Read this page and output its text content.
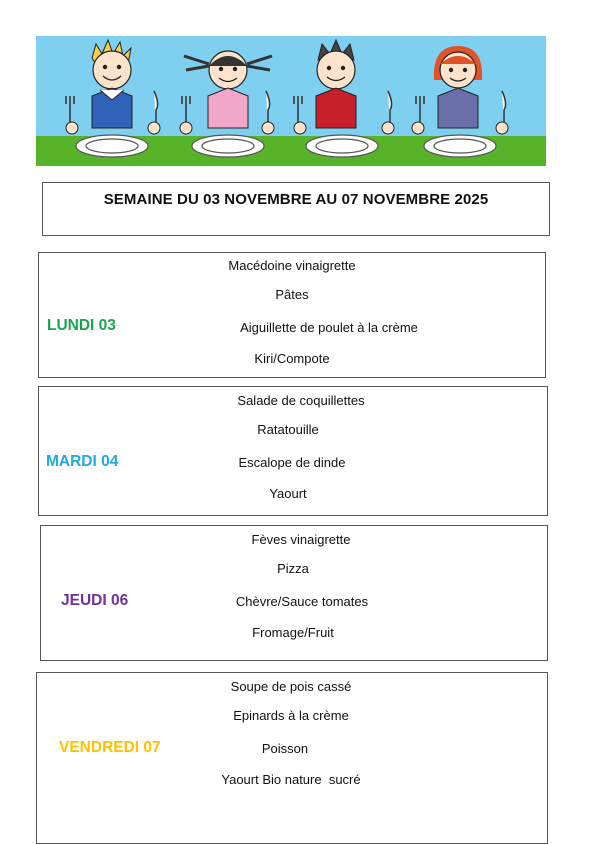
SEMAINE DU 03 NOVEMBRE AU 07 NOVEMBRE 2025
LUNDI 03
Macédoine vinaigrette
Pâtes
Aiguillette de poulet à la crème
Kiri/Compote
MARDI 04
Salade de coquillettes
Ratatouille
Escalope de dinde
Yaourt
JEUDI 06
Fèves vinaigrette
Pizza
Chèvre/Sauce tomates
Fromage/Fruit
VENDREDI 07
Soupe de pois cassé
Epinards à la crème
Poisson
Yaourt Bio nature  sucré
